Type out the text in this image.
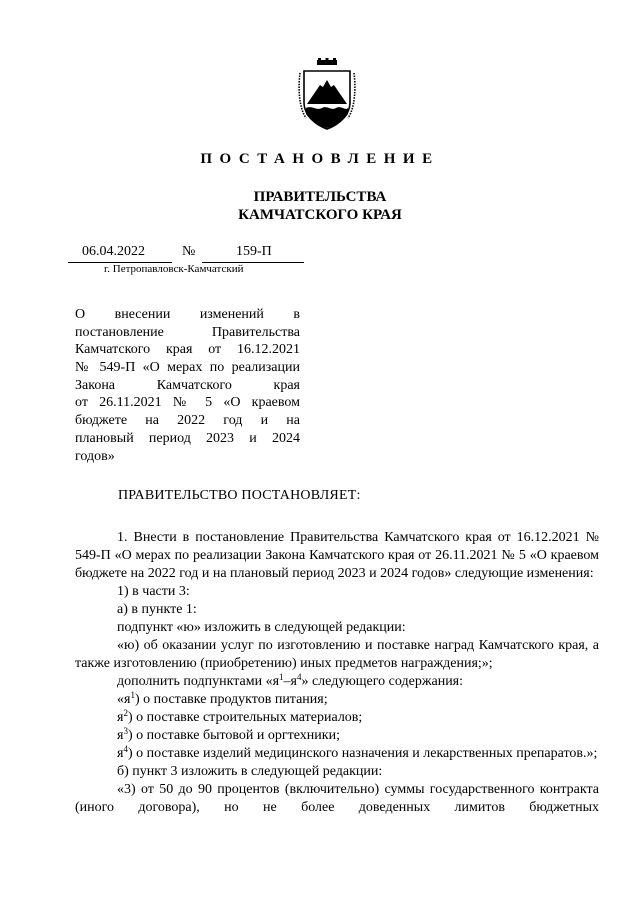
ПОСТАНОВЛЕНИЕ
ПРАВИТЕЛЬСТВА
КАМЧАТСКОГО КРАЯ
06.04.2022	№	159-П
г. Петропавловск-Камчатский
О внесении изменений в
постановление Правительства
Камчатского края от 16.12.2021
№ 549-П «О мерах по реализации
Закона Камчатского края
от 26.11.2021 № 5 «О краевом
бюджете на 2022 год и на
плановый период 2023 и 2024
годов»
ПРАВИТЕЛЬСТВО ПОСТАНОВЛЯЕТ:

1. Внести в постановление Правительства Камчатского края от 16.12.2021 № 549-П «О мерах по реализации Закона Камчатского края от 26.11.2021 № 5 «О краевом бюджете на 2022 год и на плановый период 2023 и 2024 годов» следующие изменения:

1) в части 3:

а) в пункте 1:

подпункт «ю» изложить в следующей редакции:

«ю) об оказании услуг по изготовлению и поставке наград Камчатского края, а также изготовлению (приобретению) иных предметов награждения;»;

дополнить подпунктами «$я^1-я^4$» следующего содержания:

«$я^1$) о поставке продуктов питания;

$я^2$) о поставке строительных материалов;

$я^3$) о поставке бытовой и оргтехники;

$я^4$) о поставке изделий медицинского назначения и лекарственных препаратов.»;

б) пункт 3 изложить в следующей редакции:

«3) от 50 до 90 процентов (включительно) суммы государственного контракта (иного договора), но не более доведенных лимитов бюджетных
